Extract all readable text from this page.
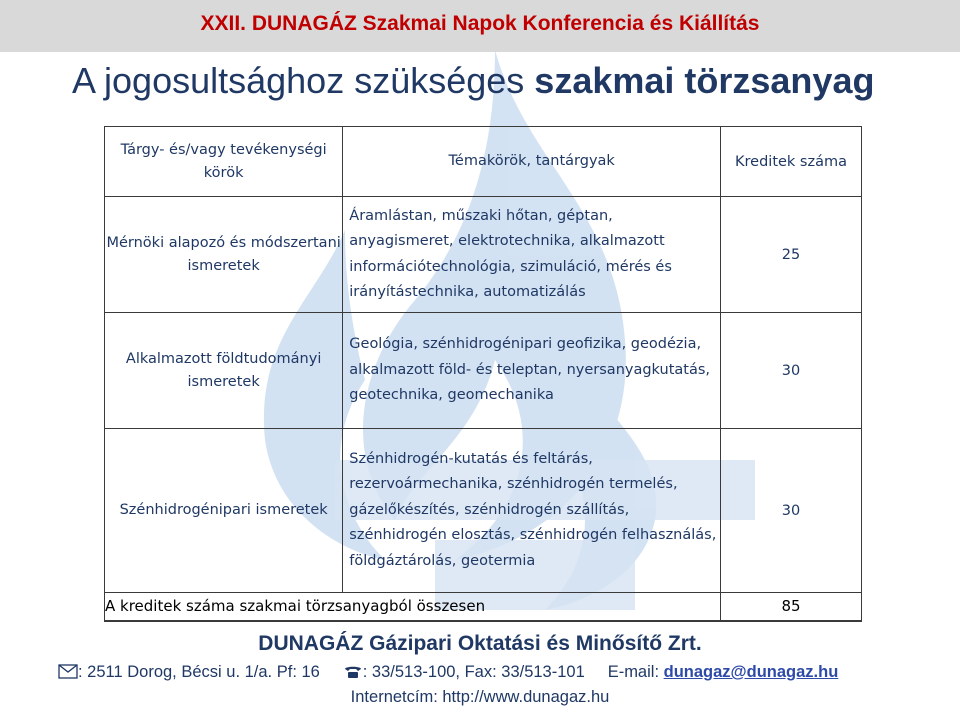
XXII. DUNAGÁZ Szakmai Napok Konferencia és Kiállítás
A jogosultsághoz szükséges szakmai törzsanyag
Tárgy- és/vagy tevékenységi körök	Témakörök, tantárgyak	Kreditek száma
Mérnöki alapozó és módszertani ismeretek	Áramlástan, műszaki hőtan, géptan, anyagismeret, elektrotechnika, alkalmazott információtechnológia, szimuláció, mérés és irányítástechnika, automatizálás	25
Alkalmazott földtudományi ismeretek	Geológia, szénhidrogénipari geofizika, geodézia, alkalmazott föld- és teleptan, nyersanyagkutatás, geotechnika, geomechanika	30
Szénhidrogénipari ismeretek	Szénhidrogén-kutatás és feltárás, rezervoármechanika, szénhidrogén termelés, gázelőkészítés, szénhidrogén szállítás, szénhidrogén elosztás, szénhidrogén felhasználás, földgáztárolás, geotermia	30
A kreditek száma szakmai törzsanyagból összesen		85
DUNAGÁZ Gázipari Oktatási és Minősítő Zrt.
: 2511 Dorog, Bécsi u. 1/a. Pf: 16	: 33/513-100, Fax: 33/513-101 E-mail: dunagaz@dunagaz.hu
Internetcím: http://www.dunagaz.hu
